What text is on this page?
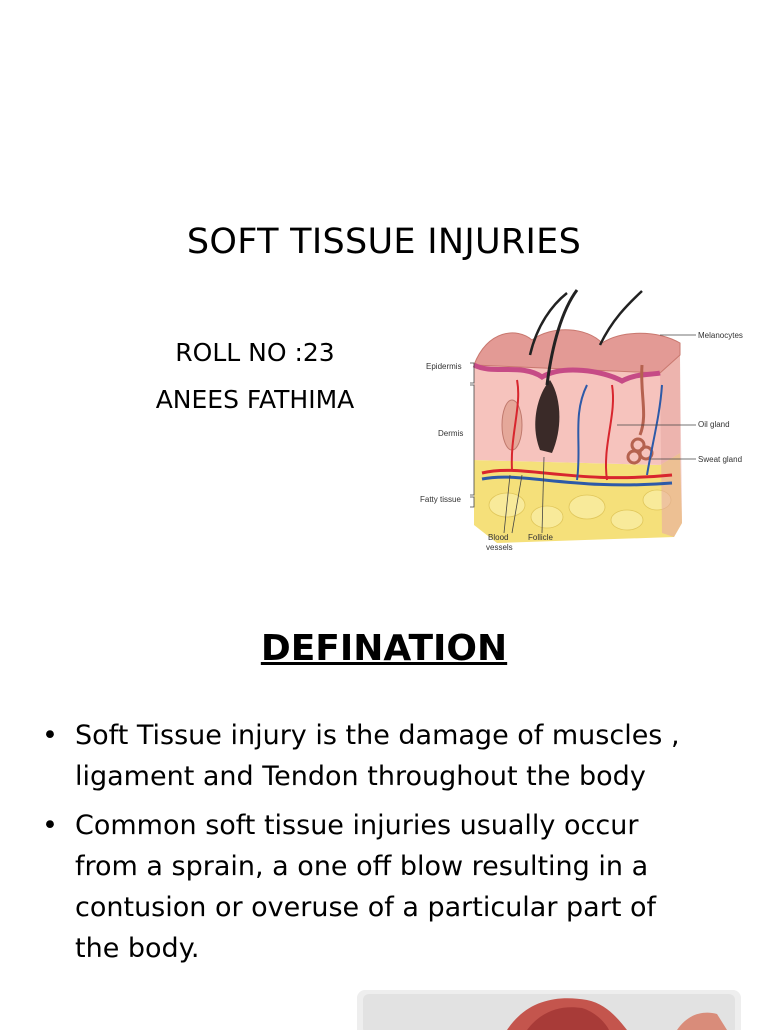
SOFT TISSUE INJURIES
ROLL NO :23
ANEES FATHIMA
Melanocytes
Epidermis
Oil gland
Dermis
Sweat gland
Fatty tissue
Blood
vessels
Follicle
DEFINATION
• Soft Tissue injury is the damage of muscles ,
ligament and Tendon throughout the body
• Common soft tissue injuries usually occur
from a sprain, a one off blow resulting in a
contusion or overuse of a particular part of
the body.
